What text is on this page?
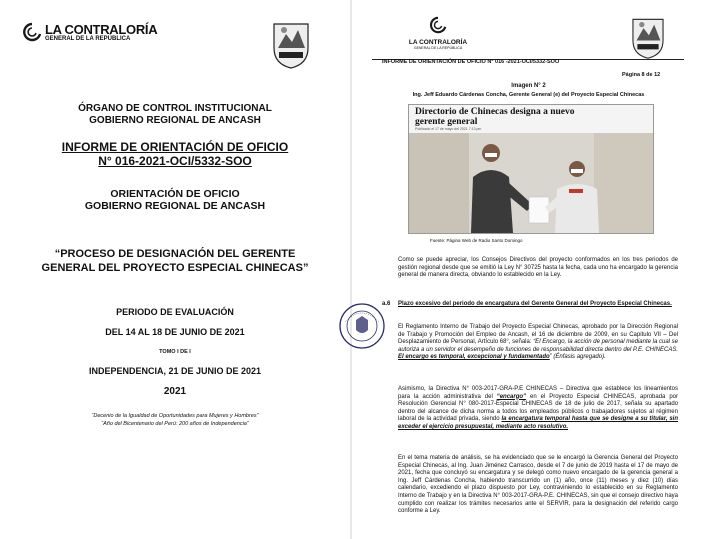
LA CONTRALORÍA
GENERAL DE LA REPÚBLICA
ÓRGANO DE CONTROL INSTITUCIONAL
GOBIERNO REGIONAL DE ANCASH
INFORME DE ORIENTACIÓN DE OFICIO
N° 016-2021-OCI/5332-SOO
ORIENTACIÓN DE OFICIO
GOBIERNO REGIONAL DE ANCASH
“PROCESO DE DESIGNACIÓN DEL GERENTE
GENERAL DEL PROYECTO ESPECIAL CHINECAS”
PERIODO DE EVALUACIÓN
DEL 14 AL 18 DE JUNIO DE 2021
TOMO I DE I
INDEPENDENCIA, 21 DE JUNIO DE 2021
2021
“Decenio de la Igualdad de Oportunidades para Mujeres y Hombres”
“Año del Bicentenario del Perú: 200 años de Independencia”
LA CONTRALORÍA
GENERAL DE LA REPÚBLICA
INFORME DE ORIENTACIÓN DE OFICIO N° 016 -2021-OCI/5332-SOO
Página 8 de 12
Imagen N° 2
Ing. Jeff Eduardo Cárdenas Concha, Gerente General (e) del Proyecto Especial Chinecas
Directorio de Chinecas designa a nuevo
gerente general
Publicado el 17 de mayo del 2021 7:13 pm
Fuente: Página Web de Radio Santo Domingo
Como se puede apreciar, los Consejos Directivos del proyecto conformados en los tres periodos de gestión regional desde que se emitió la Ley N° 30725 hasta la fecha, cada uno ha encargado la gerencia general de manera directa, obviando lo establecido en la Ley.
a.6 Plazo excesivo del periodo de encargatura del Gerente General del Proyecto Especial Chinecas.
El Reglamento Interno de Trabajo del Proyecto Especial Chinecas, aprobado por la Dirección Regional de Trabajo y Promoción del Empleo de Ancash, el 16 de diciembre de 2009, en su Capitulo VII – Del Desplazamiento de Personal, Artículo 68°, señala: “El Encargo, la acción de personal mediante la cual se autoriza a un servidor el desempeño de funciones de responsabilidad directa dentro del P.E. CHINECAS. El encargo es temporal, excepcional y fundamentado” (Énfasis agregado).
Asimismo, la Directiva N° 003-2017-GRA-P.E CHINECAS – Directiva que establece los lineamientos para la acción administrativa del “encargo” en el Proyecto Especial CHINECAS, aprobada por Resolución Gerencial N° 080-2017-Especial CHINECAS de 18 de julio de 2017, señala su apartado dentro del alcance de dicha norma a todos los empleados públicos o trabajadores sujetos al régimen laboral de la actividad privada, siendo la encargatura temporal hasta que se designe a su titular, sin exceder el ejercicio presupuestal, mediante acto resolutivo.
En el tema materia de análisis, se ha evidenciado que se le encargó la Gerencia General del Proyecto Especial Chinecas, al Ing. Juan Jiménez Carrasco, desde el 7 de junio de 2019 hasta el 17 de mayo de 2021, fecha que concluyó su encargatura y se delegó como nuevo encargado de la gerencia general a Ing. Jeff Cárdenas Concha, habiendo transcurrido un (1) año, once (11) meses y diez (10) días calendario, excediendo el plazo dispuesto por Ley, contraviniendo lo establecido en su Reglamento Interno de Trabajo y en la Directiva N° 003-2017-GRA-P.E. CHINECAS, sin que el consejo directivo haya cumplido con realizar los trámites necesarios ante el SERVIR, para la designación del referido cargo conforme a Ley.
